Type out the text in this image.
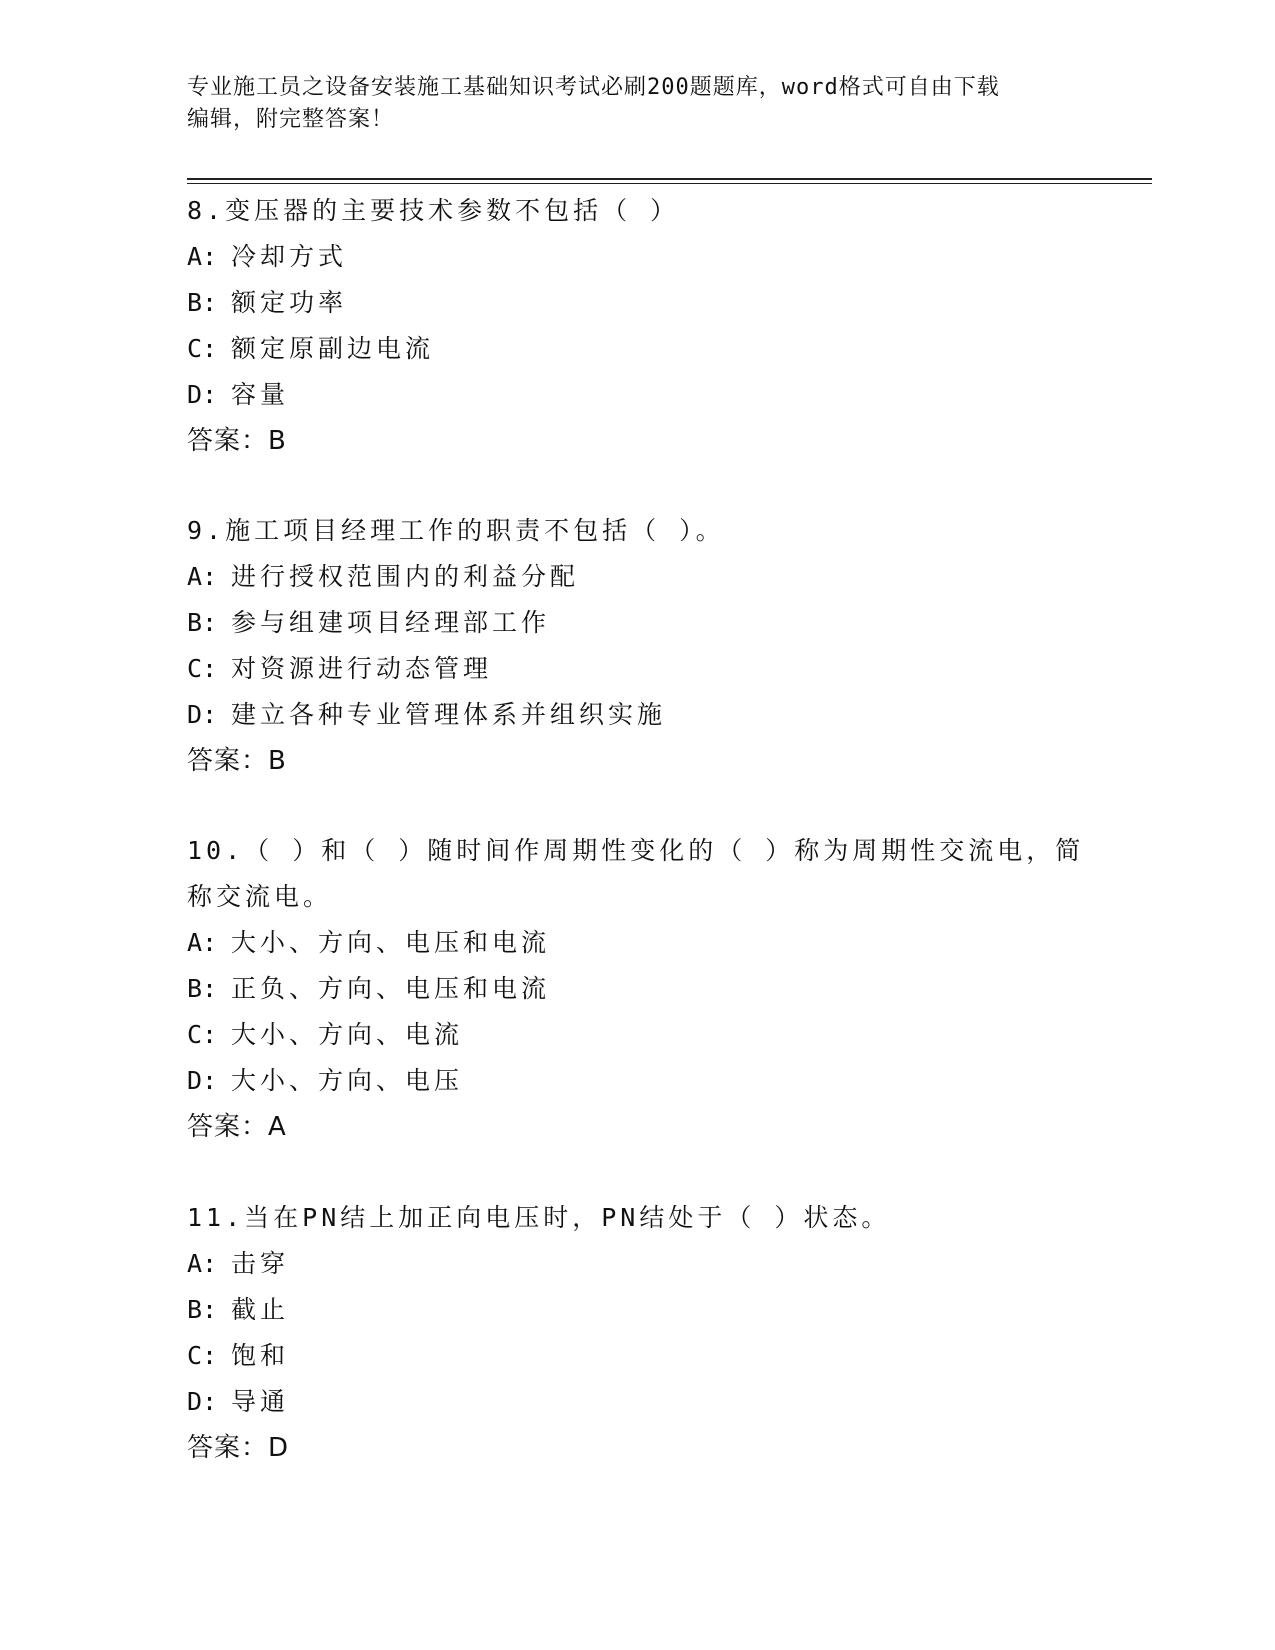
专业施工员之设备安装施工基础知识考试必刷200题题库，word格式可自由下载
编辑，附完整答案！
8.变压器的主要技术参数不包括（ ）
A: 冷却方式
B: 额定功率
C: 额定原副边电流
D: 容量
答案：B
9.施工项目经理工作的职责不包括（ ）。
A: 进行授权范围内的利益分配
B: 参与组建项目经理部工作
C: 对资源进行动态管理
D: 建立各种专业管理体系并组织实施
答案：B
10.（ ）和（ ）随时间作周期性变化的（ ）称为周期性交流电，简
称交流电。
A: 大小、方向、电压和电流
B: 正负、方向、电压和电流
C: 大小、方向、电流
D: 大小、方向、电压
答案：A
11.当在PN结上加正向电压时，PN结处于（ ）状态。
A: 击穿
B: 截止
C: 饱和
D: 导通
答案：D
